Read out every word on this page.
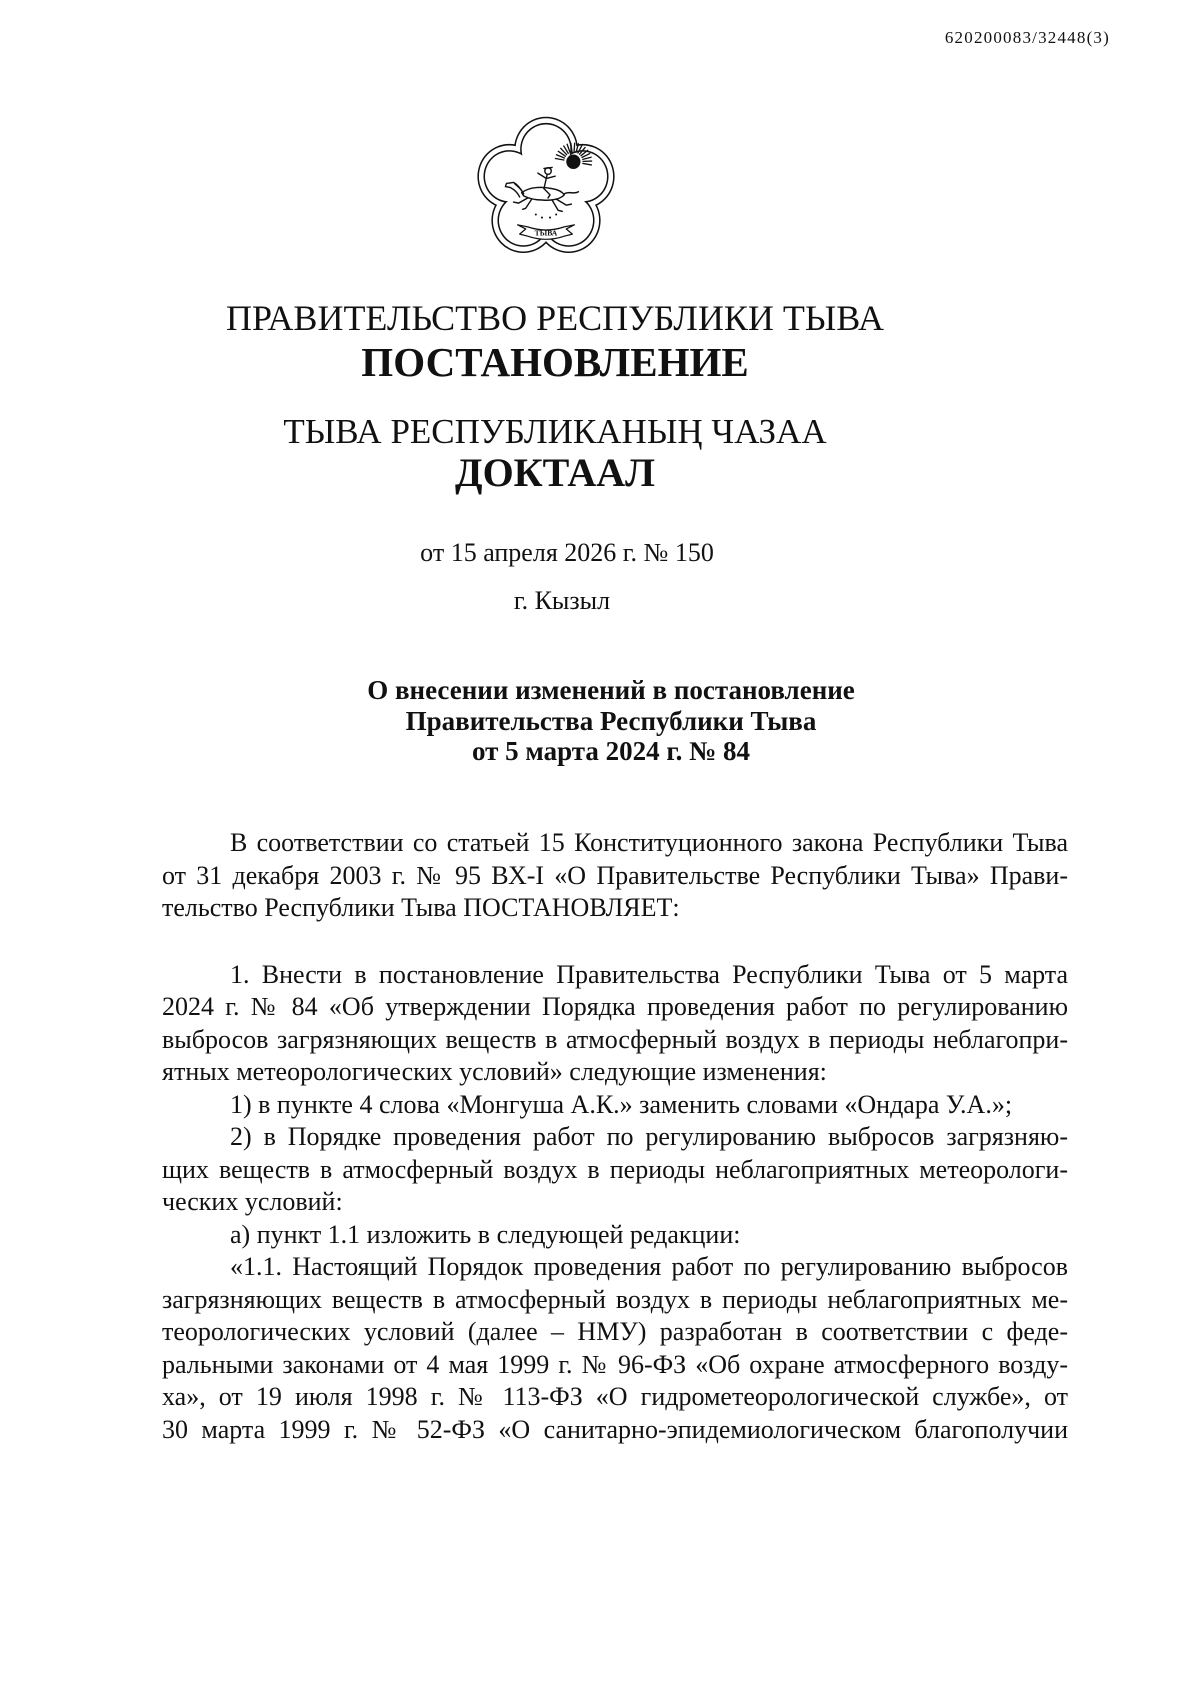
620200083/32448(3)
ТЫВА
ПРАВИТЕЛЬСТВО РЕСПУБЛИКИ ТЫВА
ПОСТАНОВЛЕНИЕ
ТЫВА РЕСПУБЛИКАНЫҢ ЧАЗАА
ДОКТААЛ
от 15 апреля 2026 г. № 150
г. Кызыл
О внесении изменений в постановление
Правительства Республики Тыва
от 5 марта 2024 г. № 84
В соответствии со статьей 15 Конституционного закона Республики Тыва
от 31 декабря 2003 г. № 95 ВХ-I «О Правительстве Республики Тыва» Прави-
тельство Республики Тыва ПОСТАНОВЛЯЕТ:
1. Внести в постановление Правительства Республики Тыва от 5 марта
2024 г. № 84 «Об утверждении Порядка проведения работ по регулированию
выбросов загрязняющих веществ в атмосферный воздух в периоды неблагопри-
ятных метеорологических условий» следующие изменения:
1) в пункте 4 слова «Монгуша А.К.» заменить словами «Ондара У.А.»;
2) в Порядке проведения работ по регулированию выбросов загрязняю-
щих веществ в атмосферный воздух в периоды неблагоприятных метеорологи-
ческих условий:
а) пункт 1.1 изложить в следующей редакции:
«1.1. Настоящий Порядок проведения работ по регулированию выбросов
загрязняющих веществ в атмосферный воздух в периоды неблагоприятных ме-
теорологических условий (далее – НМУ) разработан в соответствии с феде-
ральными законами от 4 мая 1999 г. № 96-ФЗ «Об охране атмосферного возду-
ха», от 19 июля 1998 г. № 113-ФЗ «О гидрометеорологической службе», от
30 марта 1999 г. № 52-ФЗ «О санитарно-эпидемиологическом благополучии
